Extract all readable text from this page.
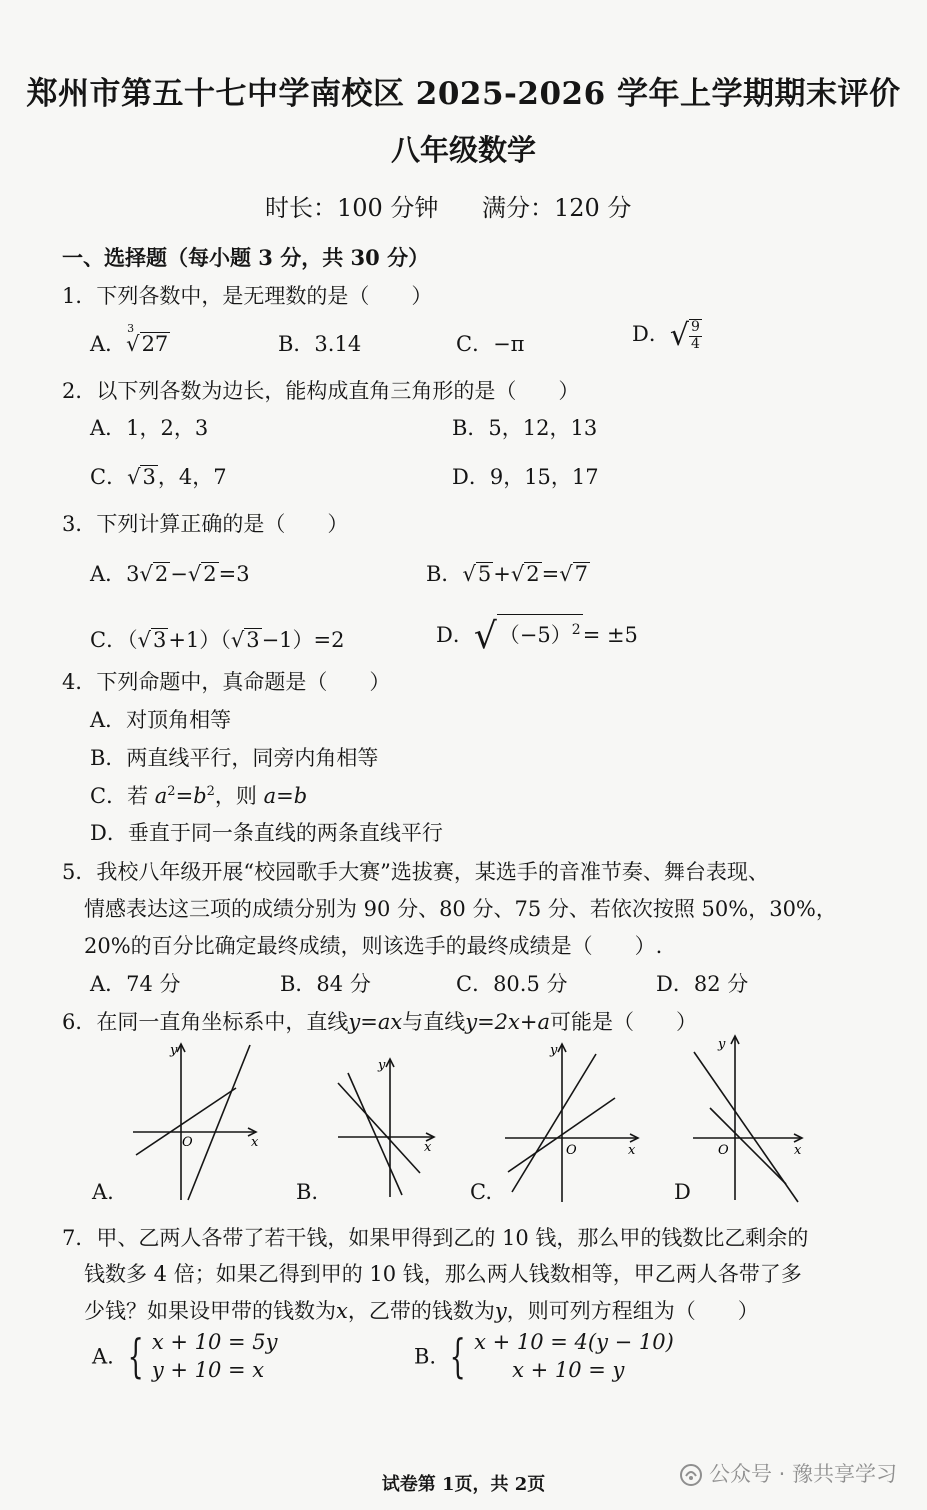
郑州市第五十七中学南校区 2025-2026 学年上学期期末评价
八年级数学
时长：100 分钟 满分：120 分
一、选择题（每小题 3 分，共 30 分）
1．下列各数中，是无理数的是（　　）
A．
3
√27	B．3.14	C．−π	D．√ $\frac{9}{4}$
2．以下列各数为边长，能构成直角三角形的是（　　）
A．1，2，3	B．5，12，13
C．√3，4，7	D．9，15，17
3．下列计算正确的是（　　）
A．3√2−√2=3	B．√5+√2=√7
C．（√3+1）（√3−1）=2	D．$√(-5)^2= \pm 5$
4．下列命题中，真命题是（　　）
A．对顶角相等
B．两直线平行，同旁内角相等
C．若 $a^2=b^2$，则 a=b
D．垂直于同一条直线的两条直线平行
5．我校八年级开展“校园歌手大赛”选拔赛，某选手的音准节奏、舞台表现、
情感表达这三项的成绩分别为 90 分、80 分、75 分、若依次按照 50%，30%，
20%的百分比确定最终成绩，则该选手的最终成绩是（　　）.
A．74 分	B．84 分	C．80.5 分	D．82 分
6．在同一直角坐标系中，直线y=ax与直线y=2x+a可能是（　　）
y
x
O
A.
y
x
B.
y
x
O
C.
y
x
O
D
7．甲、乙两人各带了若干钱，如果甲得到乙的 10 钱，那么甲的钱数比乙剩余的
钱数多 4 倍；如果乙得到甲的 10 钱，那么两人钱数相等，甲乙两人各带了多
少钱？如果设甲带的钱数为x，乙带的钱数为y，则可列方程组为（　　）
A. { x + 10 = 5y
y + 10 = x
B. { x + 10 = 4(y − 10)
x + 10 = y
试卷第 1页，共 2页	公众号 · 豫共享学习
